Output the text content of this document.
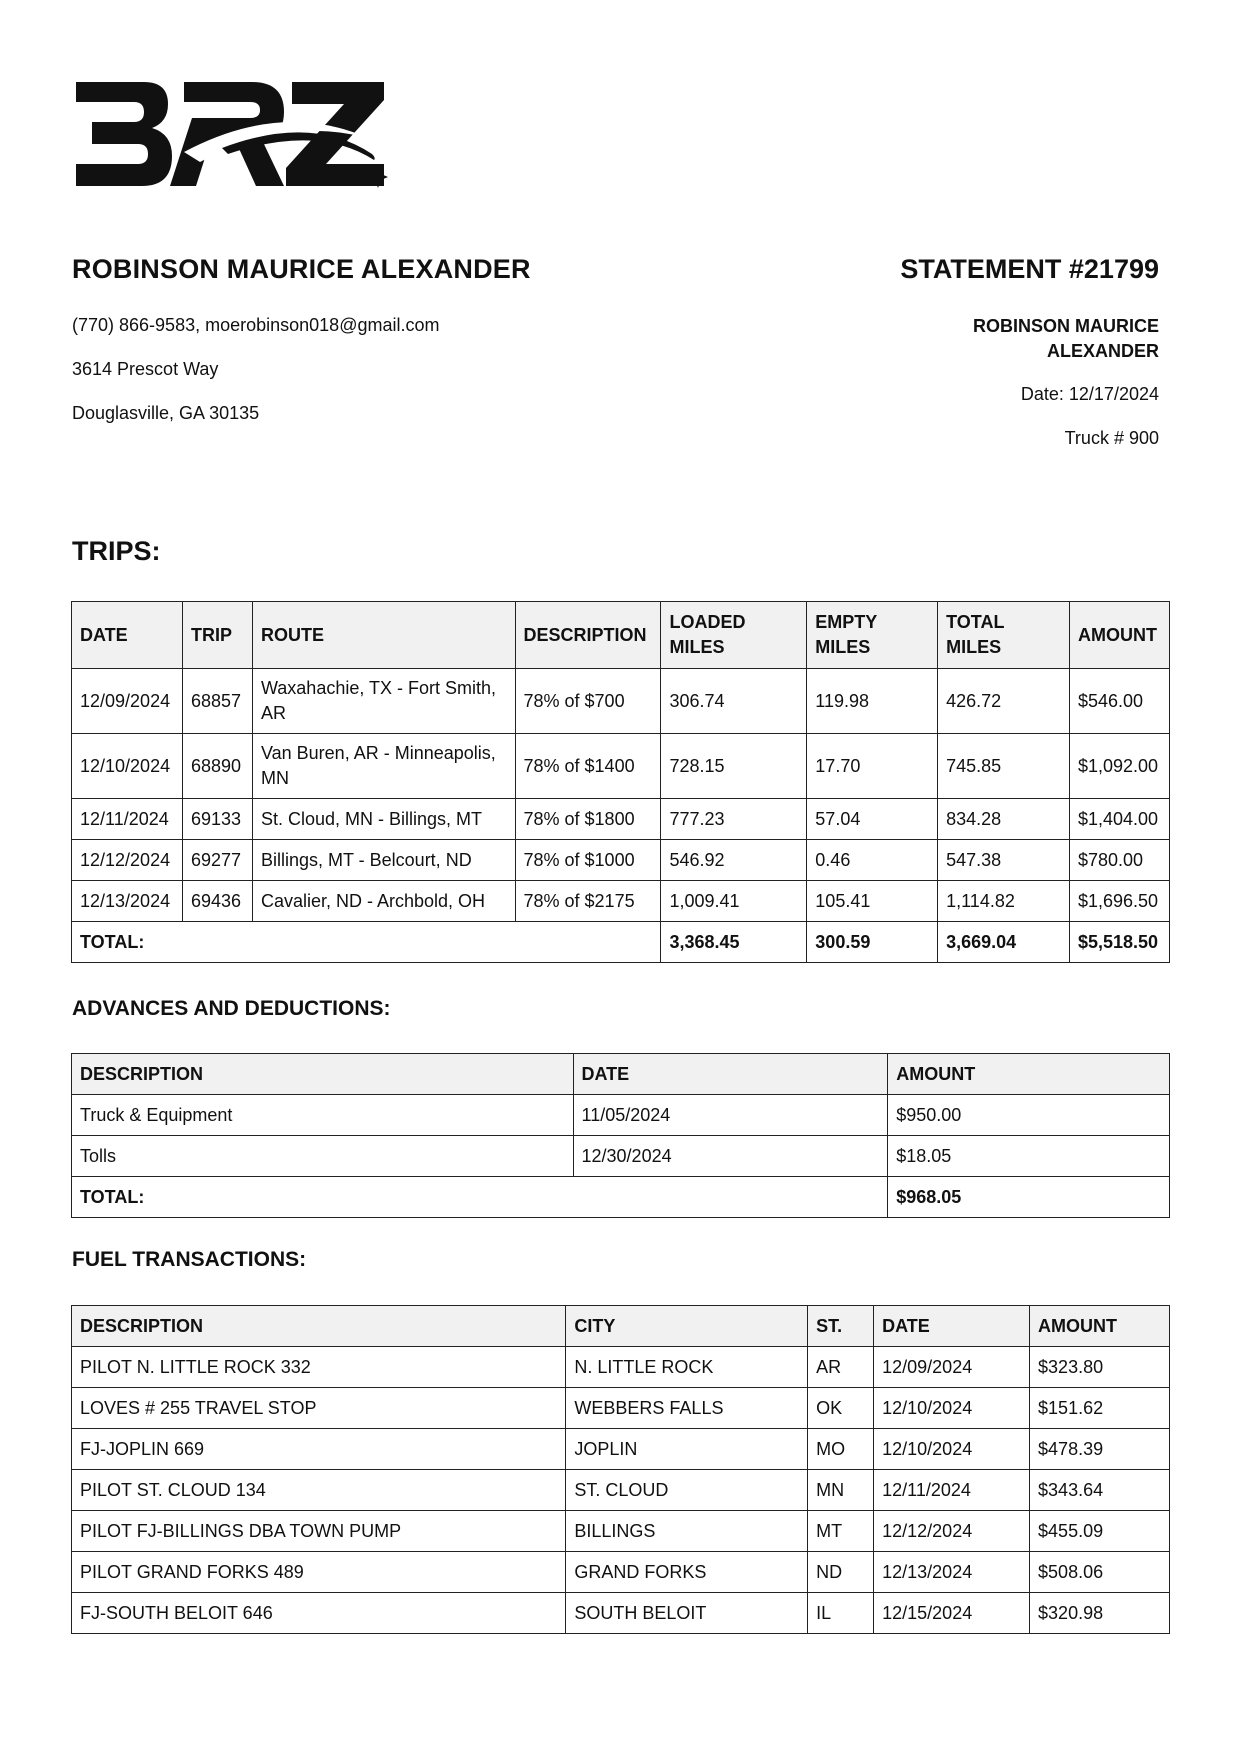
ROBINSON MAURICE ALEXANDER	STATEMENT #21799
(770) 866-9583, moerobinson018@gmail.com
3614 Prescot Way
Douglasville, GA 30135
ROBINSON MAURICE ALEXANDER
Date: 12/17/2024
Truck # 900
TRIPS:
DATE	TRIP	ROUTE	DESCRIPTION	LOADED MILES	EMPTY MILES	TOTAL MILES	AMOUNT
12/09/2024	68857	Waxahachie, TX - Fort Smith, AR	78% of $700	306.74	119.98	426.72	$546.00
12/10/2024	68890	Van Buren, AR - Minneapolis, MN	78% of $1400	728.15	17.70	745.85	$1,092.00
12/11/2024	69133	St. Cloud, MN - Billings, MT	78% of $1800	777.23	57.04	834.28	$1,404.00
12/12/2024	69277	Billings, MT - Belcourt, ND	78% of $1000	546.92	0.46	547.38	$780.00
12/13/2024	69436	Cavalier, ND - Archbold, OH	78% of $2175	1,009.41	105.41	1,114.82	$1,696.50
TOTAL:				3,368.45	300.59	3,669.04	$5,518.50
ADVANCES AND DEDUCTIONS:
DESCRIPTION	DATE	AMOUNT
Truck & Equipment	11/05/2024	$950.00
Tolls	12/30/2024	$18.05
TOTAL:		$968.05
FUEL TRANSACTIONS:
DESCRIPTION	CITY	ST.	DATE	AMOUNT
PILOT N. LITTLE ROCK 332	N. LITTLE ROCK	AR	12/09/2024	$323.80
LOVES # 255 TRAVEL STOP	WEBBERS FALLS	OK	12/10/2024	$151.62
FJ-JOPLIN 669	JOPLIN	MO	12/10/2024	$478.39
PILOT ST. CLOUD 134	ST. CLOUD	MN	12/11/2024	$343.64
PILOT FJ-BILLINGS DBA TOWN PUMP	BILLINGS	MT	12/12/2024	$455.09
PILOT GRAND FORKS 489	GRAND FORKS	ND	12/13/2024	$508.06
FJ-SOUTH BELOIT 646	SOUTH BELOIT	IL	12/15/2024	$320.98
